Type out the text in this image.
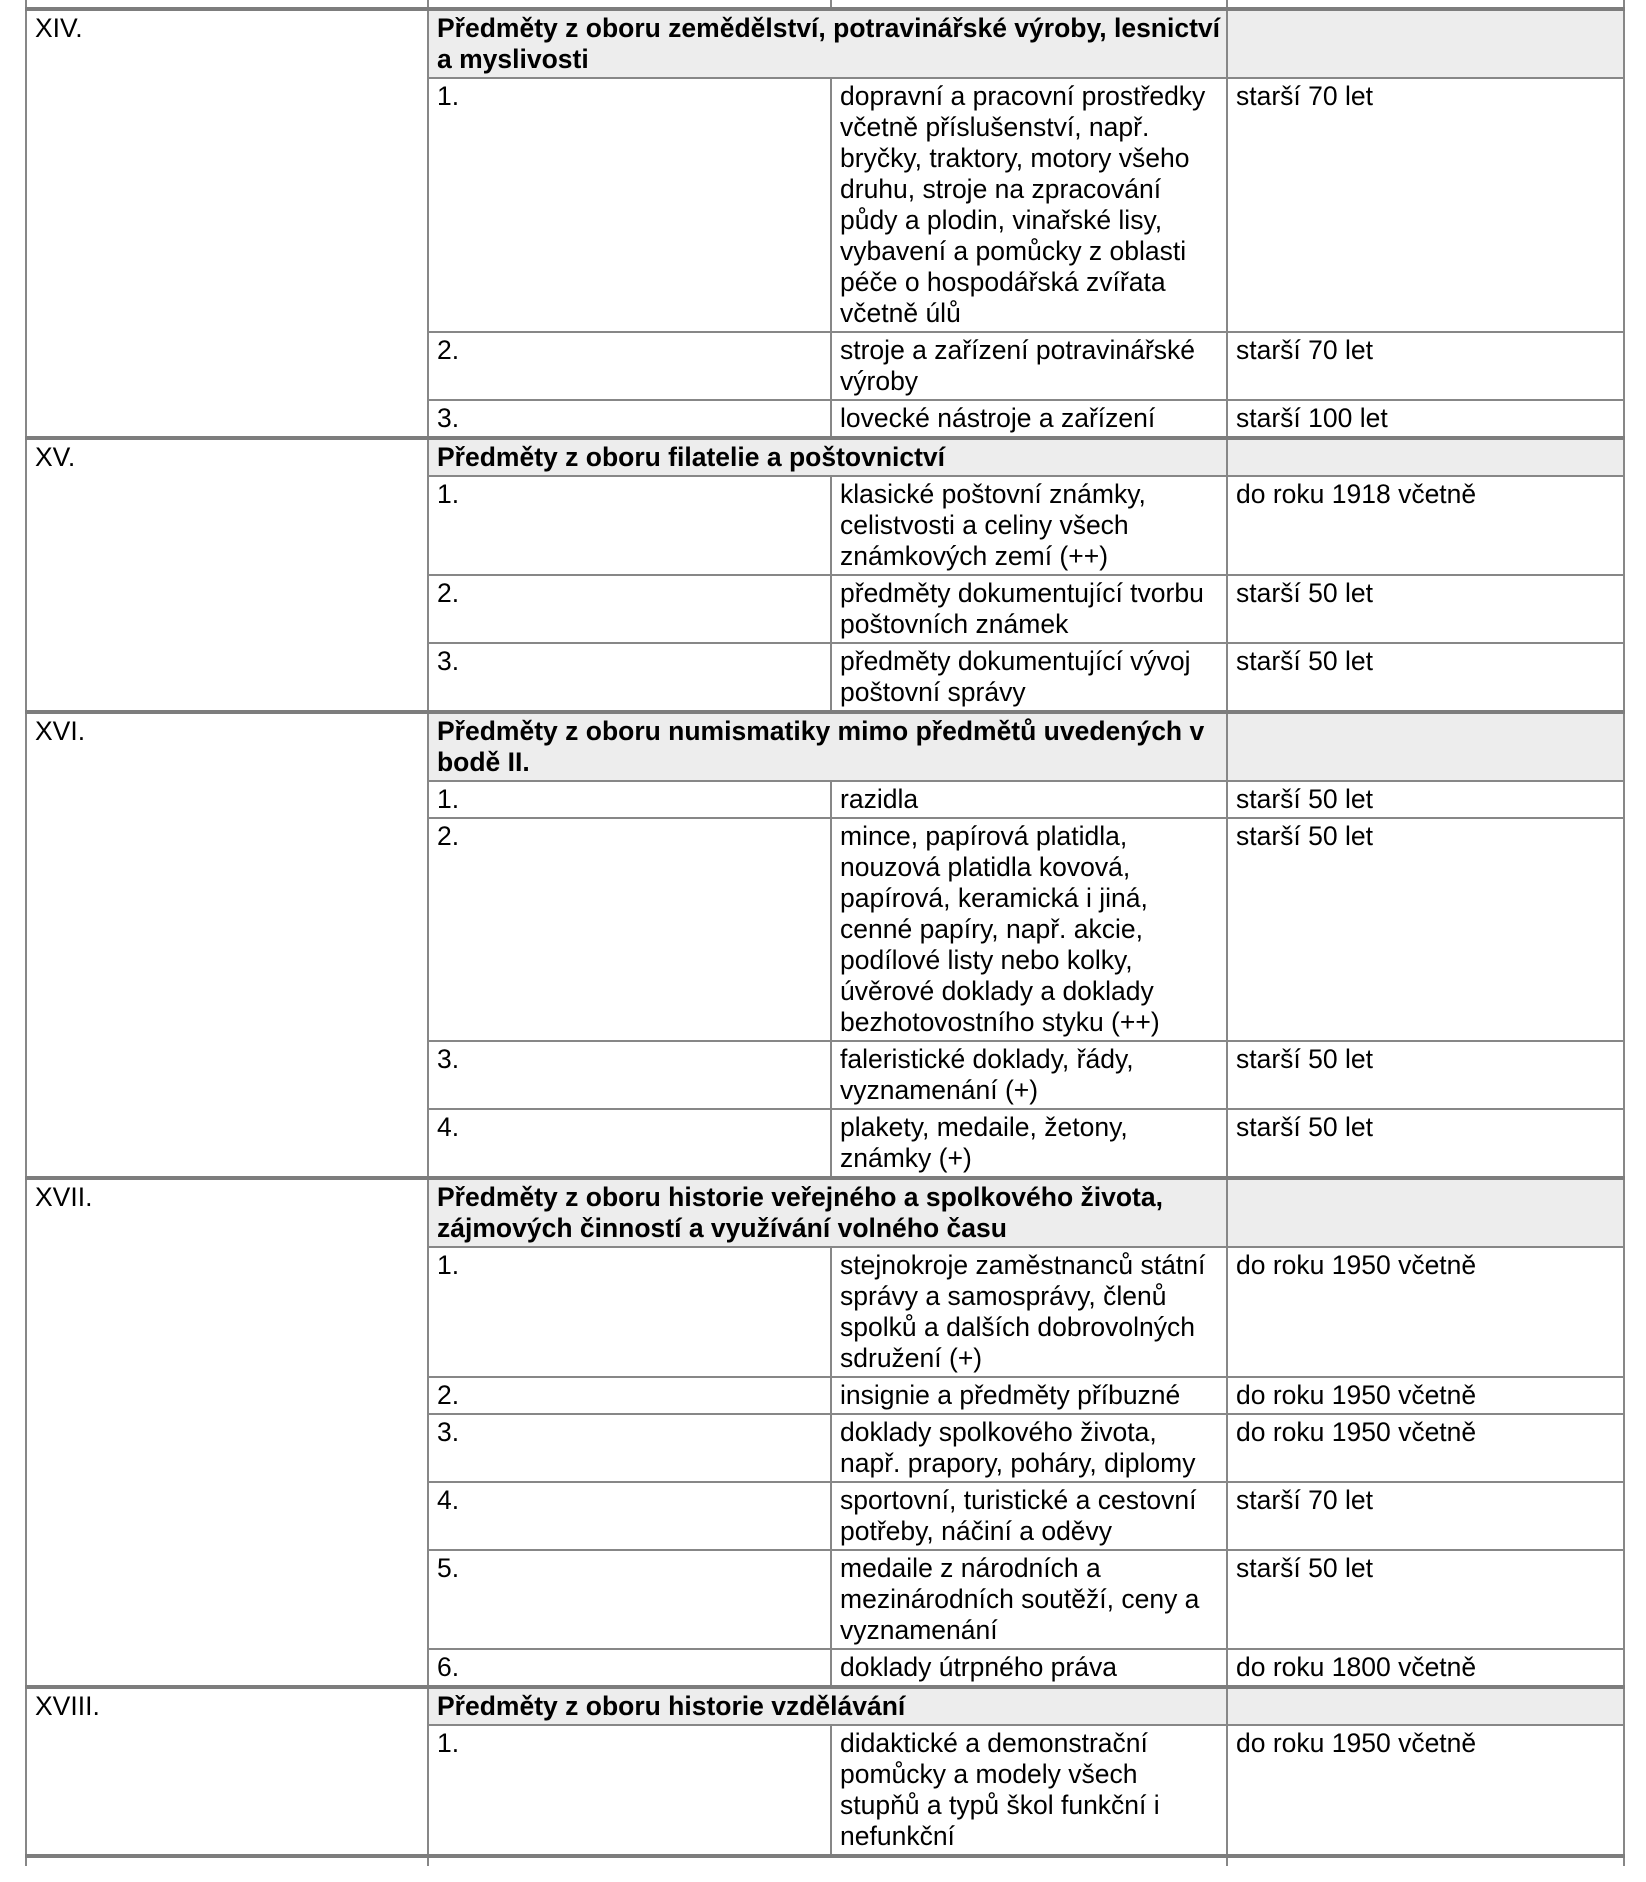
XIV.	Předměty z oboru zemědělství, potravinářské výroby, lesnictví a myslivosti		
	1.	dopravní a pracovní prostředky včetně příslušenství, např. bryčky, traktory, motory všeho druhu, stroje na zpracování půdy a plodin, vinařské lisy, vybavení a pomůcky z oblasti péče o hospodářská zvířata včetně úlů	starší 70 let
	2.	stroje a zařízení potravinářské výroby	starší 70 let
	3.	lovecké nástroje a zařízení	starší 100 let
XV.	Předměty z oboru filatelie a poštovnictví		
	1.	klasické poštovní známky, celistvosti a celiny všech známkových zemí (++)	do roku 1918 včetně
	2.	předměty dokumentující tvorbu poštovních známek	starší 50 let
	3.	předměty dokumentující vývoj poštovní správy	starší 50 let
XVI.	Předměty z oboru numismatiky mimo předmětů uvedených v bodě II.		
	1.	razidla	starší 50 let
	2.	mince, papírová platidla, nouzová platidla kovová, papírová, keramická i jiná, cenné papíry, např. akcie, podílové listy nebo kolky, úvěrové doklady a doklady bezhotovostního styku (++)	starší 50 let
	3.	faleristické doklady, řády, vyznamenání (+)	starší 50 let
	4.	plakety, medaile, žetony, známky (+)	starší 50 let
XVII.	Předměty z oboru historie veřejného a spolkového života, zájmových činností a využívání volného času		
	1.	stejnokroje zaměstnanců státní správy a samosprávy, členů spolků a dalších dobrovolných sdružení (+)	do roku 1950 včetně
	2.	insignie a předměty příbuzné	do roku 1950 včetně
	3.	doklady spolkového života, např. prapory, poháry, diplomy	do roku 1950 včetně
	4.	sportovní, turistické a cestovní potřeby, náčiní a oděvy	starší 70 let
	5.	medaile z národních a mezinárodních soutěží, ceny a vyznamenání	starší 50 let
	6.	doklady útrpného práva	do roku 1800 včetně
XVIII.	Předměty z oboru historie vzdělávání		
	1.	didaktické a demonstrační pomůcky a modely všech stupňů a typů škol funkční i nefunkční	do roku 1950 včetně
